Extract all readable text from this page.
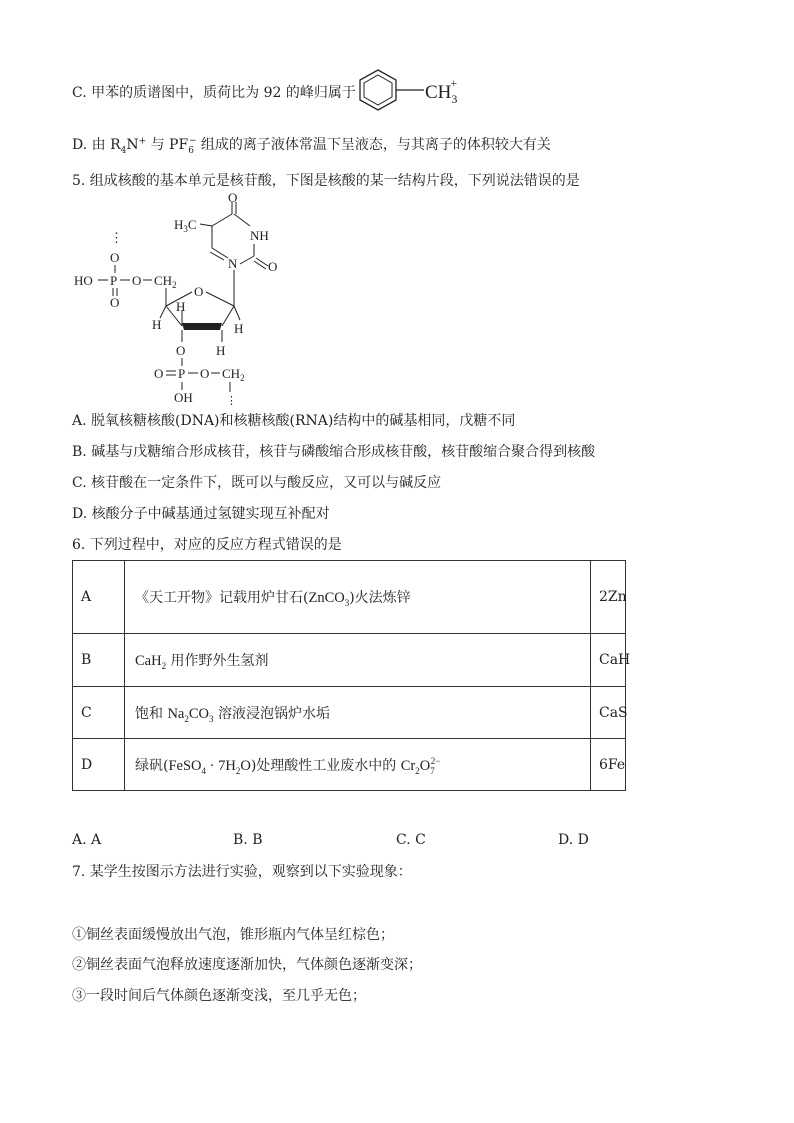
C. 甲苯的质谱图中，质荷比为 92 的峰归属于	$CH_3+$
D. 由 $R_4N^+$ 与 $PF_6^-$ 组成的离子液体常温下呈液态，与其离子的体积较大有关
5. 组成核酸的基本单元是核苷酸，下图是核酸的某一结构片段，下列说法错误的是
⋮
O
HO P O $CH_2$
O
O
H
H
H
H
O
N
$H_3C$
O
NH
O
O P O $CH_2$
OH	⋮
A. 脱氧核糖核酸(DNA)和核糖核酸(RNA)结构中的碱基相同，戊糖不同
B. 碱基与戊糖缩合形成核苷，核苷与磷酸缩合形成核苷酸，核苷酸缩合聚合得到核酸
C. 核苷酸在一定条件下，既可以与酸反应，又可以与碱反应
D. 核酸分子中碱基通过氢键实现互补配对
6. 下列过程中，对应的反应方程式错误的是
A	《天工开物》记载用炉甘石(ZnCO$_3$)火法炼锌	2Zn
B	CaH$_2$ 用作野外生氢剂	CaH
C	饱和 $Na_2CO_3$ 溶液浸泡锅炉水垢	CaS
D	绿矾(FeSO$_4$ · $7H_2O$)处理酸性工业废水中的 $Cr_2O_7^{2-}$	6Fe
A. A	B. B	C. C	D. D
7. 某学生按图示方法进行实验，观察到以下实验现象：
①铜丝表面缓慢放出气泡，锥形瓶内气体呈红棕色；
②铜丝表面气泡释放速度逐渐加快，气体颜色逐渐变深；
③一段时间后气体颜色逐渐变浅，至几乎无色；
